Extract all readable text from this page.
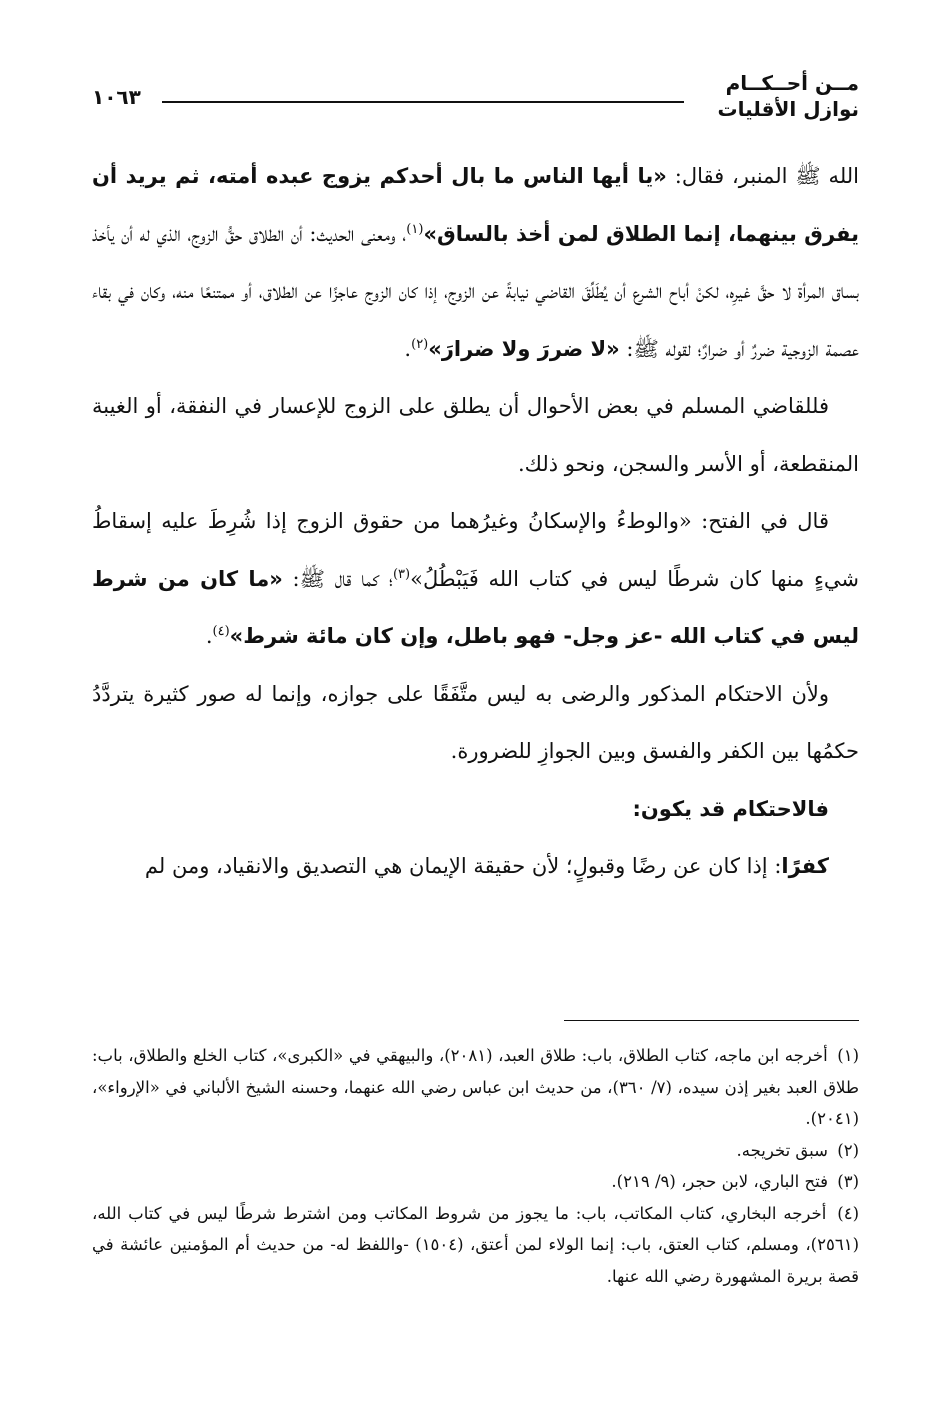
مــن أحــكــام
نوازل الأقليات
١٠٦٣

الله ﷺ المنبر، فقال: «يا أيها الناس ما بال أحدكم يزوج عبده أمته، ثم يريد أن يفرق بينهما، إنما الطلاق لمن أخذ بالساق»$^{(١)}$، ومعنى الحديث: أن الطلاق حقُّ الزوج، الذي له أن يأخذ بساق المرأة لا حقَّ غيرِه، لكنْ أباح الشرع أن يُطَلِّقَ القاضي نيابةً عن الزوج، إذا كان الزوج عاجزًا عن الطلاق، أو ممتنعًا منه، وكان في بقاء عصمة الزوجية ضررٌ أو ضرارٌ؛ لقوله ﷺ: «لا ضررَ ولا ضرارَ»$^{(٢)}$.

فللقاضي المسلم في بعض الأحوال أن يطلق على الزوج للإعسار في النفقة، أو الغيبة المنقطعة، أو الأسر والسجن، ونحو ذلك.

قال في الفتح: «والوطءُ والإسكانُ وغيرُهما من حقوق الزوج إذا شُرِطَ عليه إسقاطُ شيءٍ منها كان شرطًا ليس في كتاب الله فَيَبْطُلُ»$^{(٣)}$؛ كما قال ﷺ: «ما كان من شرط ليس في كتاب الله -عز وجل- فهو باطل، وإن كان مائة شرط»$^{(٤)}$.

ولأن الاحتكام المذكور والرضى به ليس متَّفَقًا على جوازه، وإنما له صور كثيرة يتردَّدُ حكمُها بين الكفر والفسق وبين الجوازِ للضرورة.

فالاحتكام قد يكون:

كفرًا: إذا كان عن رضًا وقبولٍ؛ لأن حقيقة الإيمان هي التصديق والانقياد، ومن لم

(١) أخرجه ابن ماجه، كتاب الطلاق، باب: طلاق العبد، (٢٠٨١)، والبيهقي في «الكبرى»، كتاب الخلع والطلاق، باب: طلاق العبد بغير إذن سيده، (٧/ ٣٦٠)، من حديث ابن عباس رضي الله عنهما، وحسنه الشيخ الألباني في «الإرواء»، (٢٠٤١).

(٢) سبق تخريجه.

(٣) فتح الباري، لابن حجر، (٩/ ٢١٩).

(٤) أخرجه البخاري، كتاب المكاتب، باب: ما يجوز من شروط المكاتب ومن اشترط شرطًا ليس في كتاب الله، (٢٥٦١)، ومسلم، كتاب العتق، باب: إنما الولاء لمن أعتق، (١٥٠٤) -واللفظ له- من حديث أم المؤمنين عائشة في قصة بريرة المشهورة رضي الله عنها.
